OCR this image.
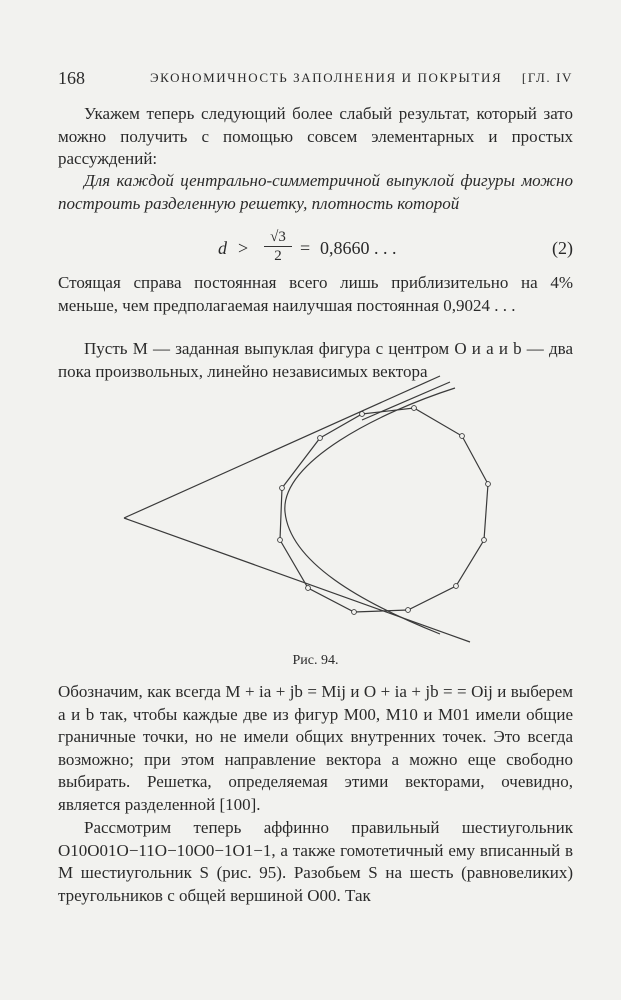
168	ЭКОНОМИЧНОСТЬ ЗАПОЛНЕНИЯ И ПОКРЫТИЯ [ГЛ. IV
Укажем теперь следующий более слабый результат, который зато можно получить с помощью совсем элементарных и простых рассуждений:
Для каждой центрально-симметричной выпуклой фигуры можно построить разделенную решетку, плотность которой
$d > \frac{√3}{2} = 0,8660$ . . .	(2)
Стоящая справа постоянная всего лишь приблизительно на 4% меньше, чем предполагаемая наилучшая постоянная 0,9024 . . .
Пусть M — заданная выпуклая фигура с центром O и a и b — два пока произвольных, линейно независимых вектора
Рис. 94.
Обозначим, как всегда M + ia + jb = Mij и O + ia + jb = = Oij и выберем a и b так, чтобы каждые две из фигур M00, M10 и M01 имели общие граничные точки, но не имели общих внутренних точек. Это всегда возможно; при этом направление вектора a можно еще свободно выбирать. Решетка, определяемая этими векторами, очевидно, является разделенной [100].
Рассмотрим теперь аффинно правильный шестиугольник O10O01O−11O−10O0−1O1−1, а также гомотетичный ему вписанный в M шестиугольник S (рис. 95). Разобьем S на шесть (равновеликих) треугольников с общей вершиной O00. Так
